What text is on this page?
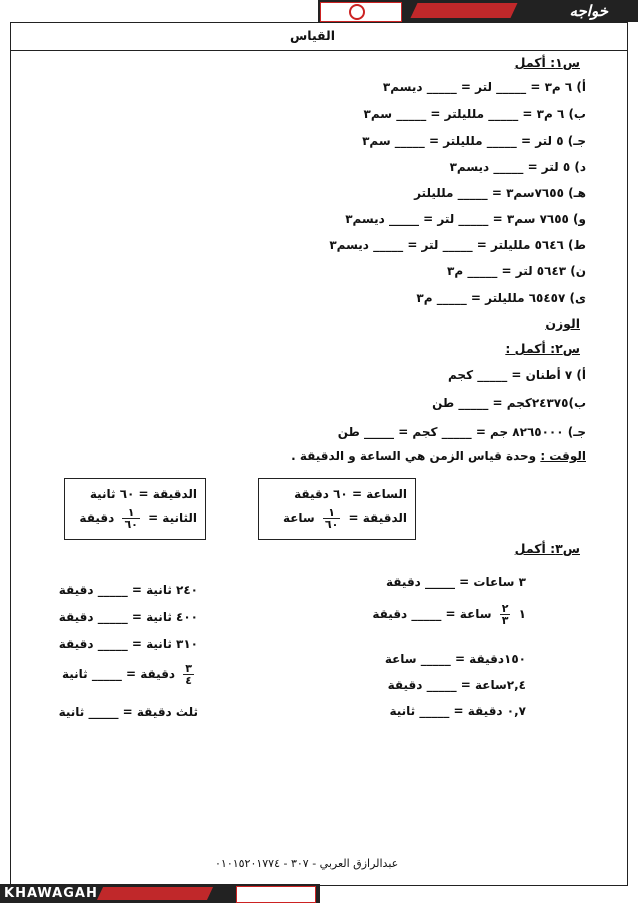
خواجه
القياس
س١: أكمل
أ) ٦ م٣ = _____ لتر = _____ ديسم٣
ب) ٦ م٣ = _____ ملليلتر = _____ سم٣
جـ) ٥ لتر = _____ ملليلتر = _____ سم٣
د) ٥ لتر = _____ ديسم٣
هـ) ٧٦٥٥سم٣ = _____ ملليلتر
و) ٧٦٥٥ سم٣ = _____ لتر = _____ ديسم٣
ط) ٥٦٤٦ ملليلتر = _____ لتر = _____ ديسم٣
ن) ٥٦٤٣ لتر = _____ م٣
ى) ٦٥٤٥٧ ملليلتر = _____ م٣
الوزن
س٢: أكمل :
أ) ٧ أطنان = _____ كجم
ب)٢٤٣٧٥كجم = _____ طن
جـ) ٨٢٦٥٠٠٠ جم = _____ كجم = _____ طن
الوقت : وحدة قياس الزمن هي الساعة و الدقيقة .
الساعة = ٦٠ دقيقة
الدقيقة =
$\frac{١}{٦٠}$
ساعة
الدقيقة = ٦٠ ثانية
الثانية =
$\frac{١}{٦٠}$
دقيقة
س٣: أكمل
٣ ساعات = _____ دقيقة
١
$\frac{٢}{٣}$
ساعة = _____ دقيقة
١٥٠دقيقة = _____ ساعة
٢,٤ساعة = _____ دقيقة
٠,٧ دقيقة = _____ ثانية
٢٤٠ ثانية = _____ دقيقة
٤٠٠ ثانية = _____ دقيقة
٣١٠ ثانية = _____ دقيقة
$\frac{٣}{٤}$
دقيقة = _____ ثانية
ثلث دقيقة = _____ ثانية
عبدالرازق العربي - ٣٠٧ - ٠١٠١٥٢٠١٧٧٤
KHAWAGAH
